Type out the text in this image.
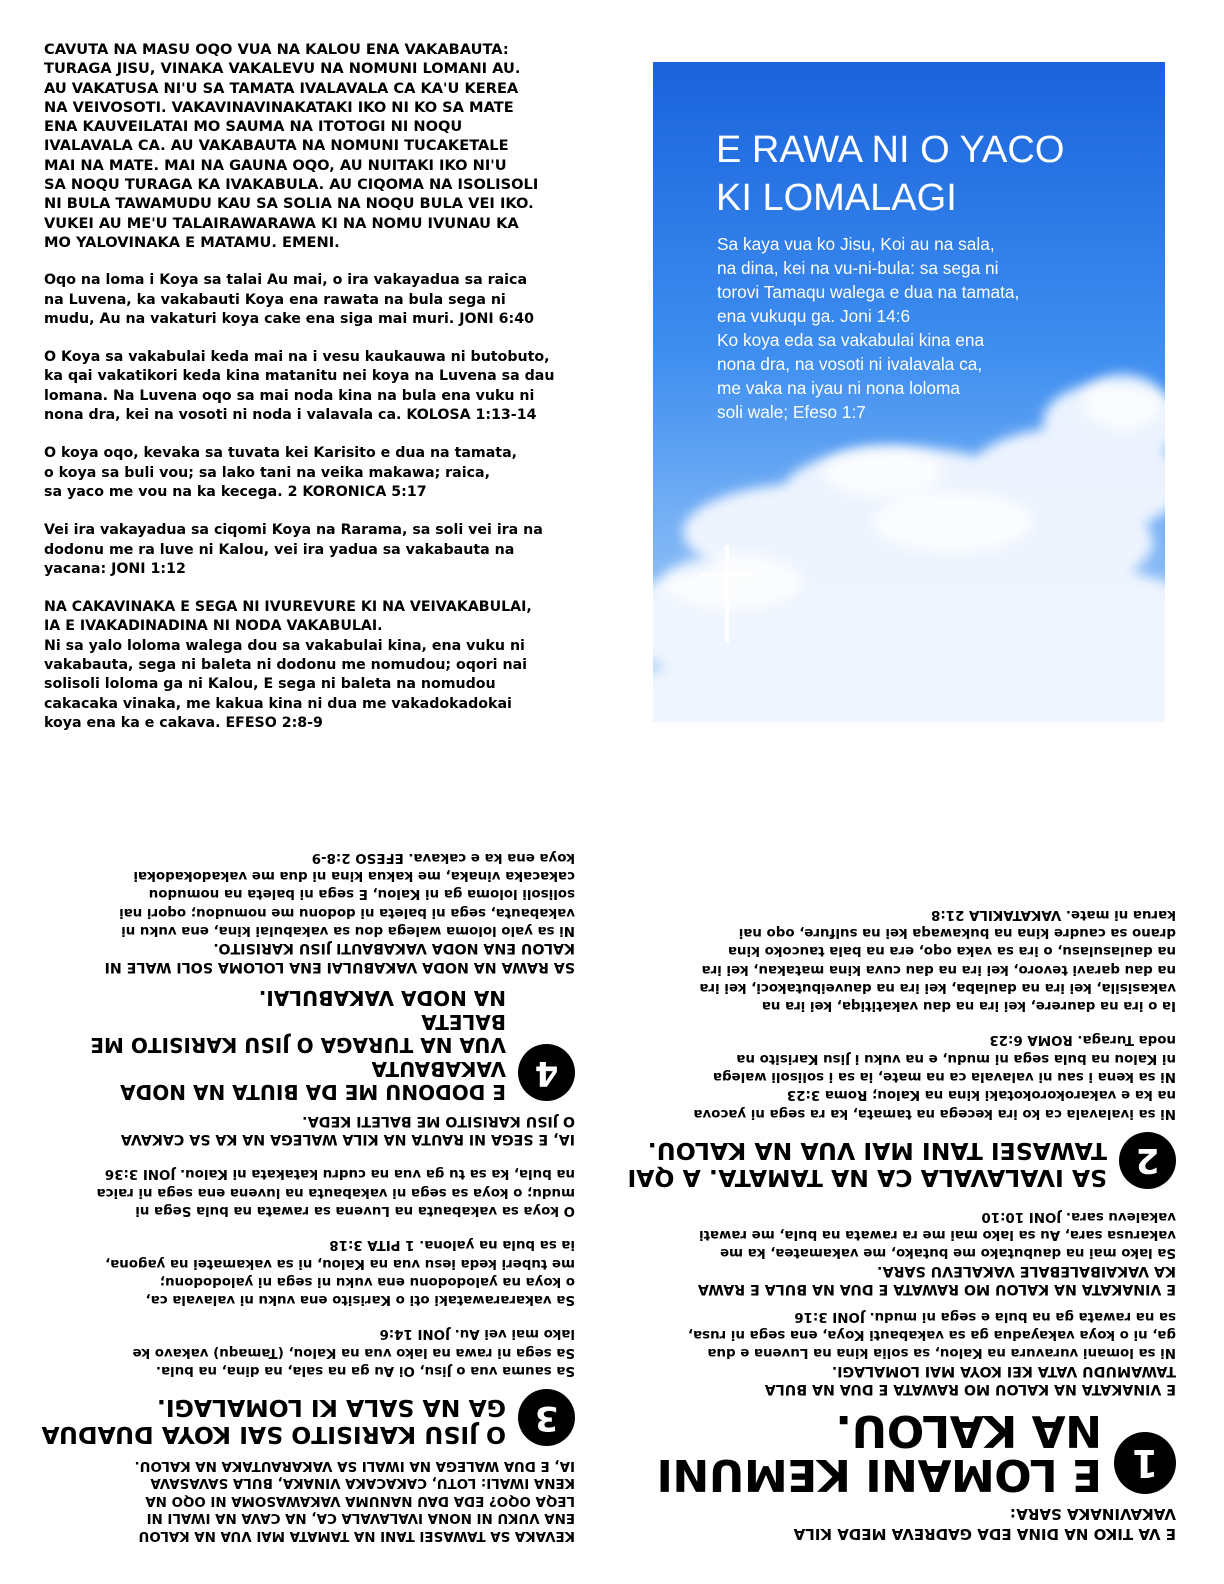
CAVUTA NA MASU OQO VUA NA KALOU ENA VAKABAUTA:
TURAGA JISU, VINAKA VAKALEVU NA NOMUNI LOMANI AU.
AU VAKATUSA NI'U SA TAMATA IVALAVALA CA KA'U KEREA
NA VEIVOSOTI. VAKAVINAVINAKATAKI IKO NI KO SA MATE
ENA KAUVEILATAI MO SAUMA NA ITOTOGI NI NOQU
IVALAVALA CA. AU VAKABAUTA NA NOMUNI TUCAKETALE
MAI NA MATE. MAI NA GAUNA OQO, AU NUITAKI IKO NI'U
SA NOQU TURAGA KA IVAKABULA. AU CIQOMA NA ISOLISOLI
NI BULA TAWAMUDU KAU SA SOLIA NA NOQU BULA VEI IKO.
VUKEI AU ME'U TALAIRAWARAWA KI NA NOMU IVUNAU KA
MO YALOVINAKA E MATAMU. EMENI.

Oqo na loma i Koya sa talai Au mai, o ira vakayadua sa raica
na Luvena, ka vakabauti Koya ena rawata na bula sega ni
mudu, Au na vakaturi koya cake ena siga mai muri. JONI 6:40

O Koya sa vakabulai keda mai na i vesu kaukauwa ni butobuto,
ka qai vakatikori keda kina matanitu nei koya na Luvena sa dau
lomana. Na Luvena oqo sa mai noda kina na bula ena vuku ni
nona dra, kei na vosoti ni noda i valavala ca. KOLOSA 1:13-14

O koya oqo, kevaka sa tuvata kei Karisito e dua na tamata,
o koya sa buli vou; sa lako tani na veika makawa; raica,
sa yaco me vou na ka kecega. 2 KORONICA 5:17

Vei ira vakayadua sa ciqomi Koya na Rarama, sa soli vei ira na
dodonu me ra luve ni Kalou, vei ira yadua sa vakabauta na
yacana: JONI 1:12

NA CAKAVINAKA E SEGA NI IVUREVURE KI NA VEIVAKABULAI,
IA E IVAKADINADINA NI NODA VAKABULAI.
Ni sa yalo loloma walega dou sa vakabulai kina, ena vuku ni
vakabauta, sega ni baleta ni dodonu me nomudou; oqori nai
solisoli loloma ga ni Kalou, E sega ni baleta na nomudou
cakacaka vinaka, me kakua kina ni dua me vakadokadokai
koya ena ka e cakava. EFESO 2:8-9

E RAWA NI O YACO
KI LOMALAGI

Sa kaya vua ko Jisu, Koi au na sala,
na dina, kei na vu-ni-bula: sa sega ni
torovi Tamaqu walega e dua na tamata,
ena vukuqu ga. Joni 14:6
Ko koya eda sa vakabulai kina ena
nona dra, na vosoti ni ivalavala ca,
me vaka na iyau ni nona loloma
soli wale; Efeso 1:7

E VA TIKO NA DINA EDA GADREVA MEDA KILA
VAKAVINAKA SARA:

1

E LOMANI KEMUNI
NA KALOU.

E VINAKATA NA KALOU MO RAWATA E DUA NA BULA
TAWAMUDU VATA KEI KOYA MAI LOMALAGI.

Ni sa lomani vuravura na Kalou, sa solia kina na Luvena e dua
ga, ni o koya vakayadua ga sa vakabauti Koya, ena sega ni rusa,
sa na rawata ga na bula e sega ni mudu. JONI 3:16

E VINAKATA NA KALOU MO RAWATA E DUA NA BULA E RAWA
KA VAKAIBALEBALE VAKALEVU SARA.

Sa lako mai na daubutako me butako, me vakamatea, ka me
vakarusa sara, Au sa lako mai me ra rawata na bula, me rawati
vakalevu sara. JONI 10:10

2

SA IVALAVALA CA NA TAMATA. A QAI
TAWASEI TANI MAI VUA NA KALOU.

Ni sa ivalavala ca ko ira kecega na tamata, ka ra sega ni yacova
na ka e vakarokorokotaki kina na Kalou; Roma 3:23
Ni sa kena i sau ni valavala ca na mate, ia sa i solisoli walega
ni Kalou na bula sega ni mudu, e na vuku i Jisu Karisito na
noda Turaga. ROMA 6:23

Ia o ira na daurere, kei ira na dau vakatitiqa, kei ira na
vakasisila, kei ira na daulaba, kei ira na dauveibutakoci, kei ira
na dau qaravi tevoro, kei ira na dau cuva kina matakau, kei ira
na daulasulasu, o ira sa vaka oqo, era na bala taucoko kina
drano sa caudre kina na bukawaqa kei na sulfure, oqo nai
karua ni mate. VAKATAKILA 21:8

KEVAKA SA TAWASEI TANI NA TAMATA MAI VUA NA KALOU
ENA VUKU NI NONA IVALAVALA CA, NA CAVA NA IWALI NI
LEQA OQO? EDA DAU NANUMA VAKAWASOMA NI OQO NA
KENA IWALI: LOTU, CAKACAKA VINAKA, BULA SAVASAVA
IA, E DUA WALEGA NA IWALI SA VAKARAUTAKA NA KALOU.

3

O JISU KARISITO SAI KOYA DUADUA
GA NA SALA KI LOMALAGI.

Sa sauma vua o Jisu, Oi Au ga na sala, na dina, na bula.
Sa sega ni rawa na lako vua na Kalou, (Tamaqu) vakavo ke
lako mai vei Au. JONI 14:6

Sa vakararawataki oti o Karisito ena vuku ni valavala ca,
o koya na yalododonu ena vuku ni sega ni yalododonu;
me tuberi keda iesu vua na Kalou, ni sa vakamatei na yagona,
ia sa bula na yalona. 1 PITA 3:18

O koya sa vakabauta na Luvena sa rawata na bula Sega ni
mudu; o koya sa sega ni vakabauta na luvena ena sega ni raica
na bula, ka sa tu ga vua na cudru katakata ni Kalou. JONI 3:36

IA, E SEGA NI RAUTA NA KILA WALEGA NA KA SA CAKAVA
O JISU KARISITO ME BALETI KEDA.

4

E DODONU ME DA BIUTA NA NODA VAKABAUTA
VUA NA TURAGA O JISU KARISITO ME BALETA
NA NODA VAKABULAI.

SA RAWA NA NODA VAKABULAI ENA LOLOMA SOLI WALE NI
KALOU ENA NODA VAKABAUTI JISU KARISITO.

Ni sa yalo loloma walega dou sa vakabulai kina, ena vuku ni
vakabauta, sega ni baleta ni dodonu me nomudou; oqori nai
solisoli loloma ga ni Kalou, E sega ni baleta na nomudou
cakacaka vinaka, me kakua kina ni dua me vakadokadokai
koya ena ka e cakava. EFESO 2:8-9
